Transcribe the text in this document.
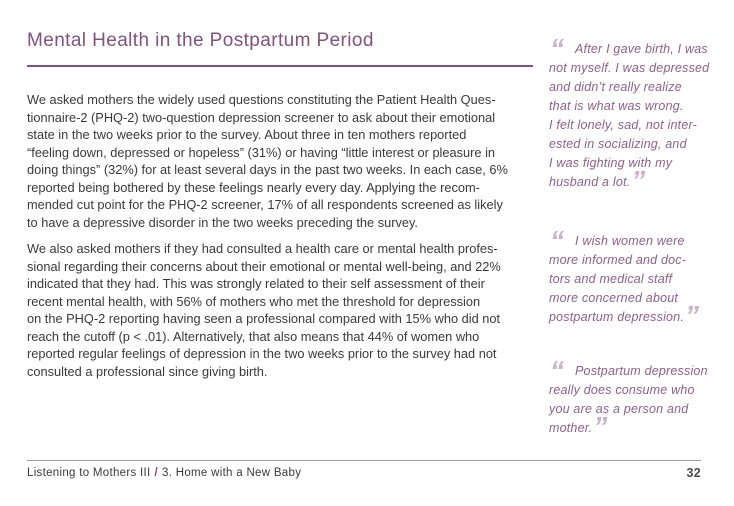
Mental Health in the Postpartum Period
We asked mothers the widely used questions constituting the Patient Health Ques-
tionnaire-2 (PHQ-2) two-question depression screener to ask about their emotional
state in the two weeks prior to the survey. About three in ten mothers reported
“feeling down, depressed or hopeless” (31%) or having “little interest or pleasure in
doing things” (32%) for at least several days in the past two weeks. In each case, 6%
reported being bothered by these feelings nearly every day. Applying the recom-
mended cut point for the PHQ-2 screener, 17% of all respondents screened as likely
to have a depressive disorder in the two weeks preceding the survey.
We also asked mothers if they had consulted a health care or mental health profes-
sional regarding their concerns about their emotional or mental well-being, and 22%
indicated that they had. This was strongly related to their self assessment of their
recent mental health, with 56% of mothers who met the threshold for depression
on the PHQ-2 reporting having seen a professional compared with 15% who did not
reach the cutoff (p < .01). Alternatively, that also means that 44% of women who
reported regular feelings of depression in the two weeks prior to the survey had not
consulted a professional since giving birth.
“ After I gave birth, I was
not myself. I was depressed
and didn’t really realize
that is what was wrong.
I felt lonely, sad, not inter-
ested in socializing, and
I was fighting with my
husband a lot.”
“ I wish women were
more informed and doc-
tors and medical staff
more concerned about
postpartum depression.”
“ Postpartum depression
really does consume who
you are as a person and
mother.”
Listening to Mothers III / 3. Home with a New Baby	32
